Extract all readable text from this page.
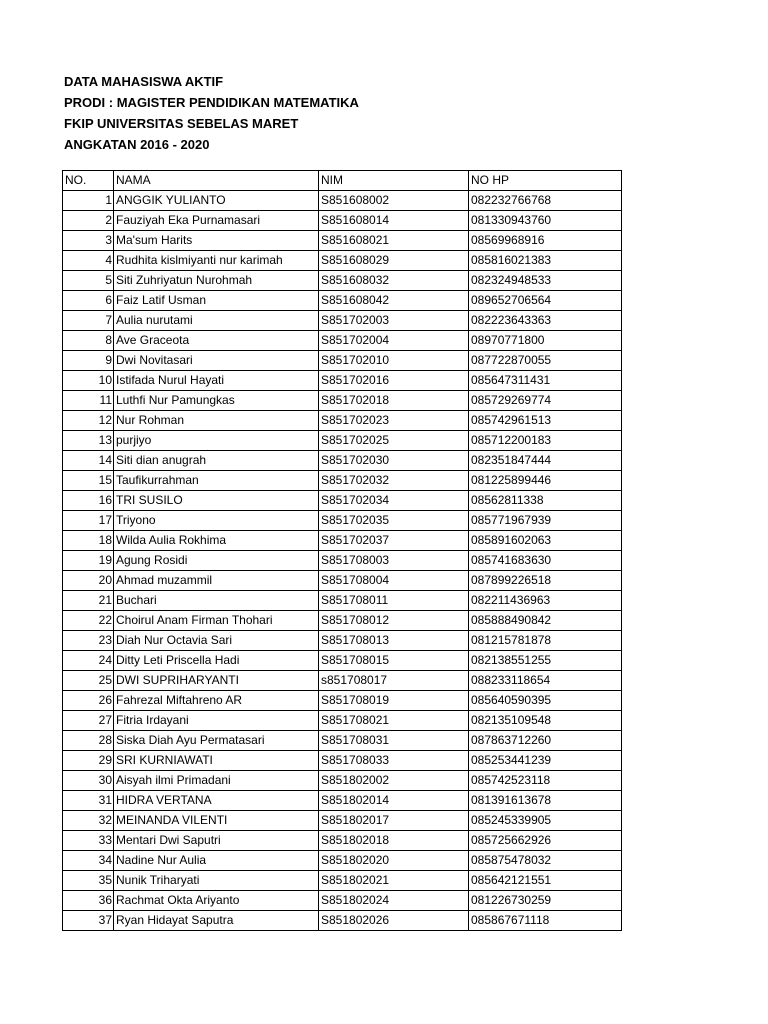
DATA MAHASISWA AKTIF
PRODI : MAGISTER PENDIDIKAN MATEMATIKA
FKIP UNIVERSITAS SEBELAS MARET
ANGKATAN 2016 - 2020
NO.	NAMA	NIM	NO HP
1	ANGGIK YULIANTO	S851608002	082232766768
2	Fauziyah Eka Purnamasari	S851608014	081330943760
3	Ma'sum Harits	S851608021	08569968916
4	Rudhita kislmiyanti nur karimah	S851608029	085816021383
5	Siti Zuhriyatun Nurohmah	S851608032	082324948533
6	Faiz Latif Usman	S851608042	089652706564
7	Aulia nurutami	S851702003	082223643363
8	Ave Graceota	S851702004	08970771800
9	Dwi Novitasari	S851702010	087722870055
10	Istifada Nurul Hayati	S851702016	085647311431
11	Luthfi Nur Pamungkas	S851702018	085729269774
12	Nur Rohman	S851702023	085742961513
13	purjiyo	S851702025	085712200183
14	Siti dian anugrah	S851702030	082351847444
15	Taufikurrahman	S851702032	081225899446
16	TRI SUSILO	S851702034	08562811338
17	Triyono	S851702035	085771967939
18	Wilda Aulia Rokhima	S851702037	085891602063
19	Agung Rosidi	S851708003	085741683630
20	Ahmad muzammil	S851708004	087899226518
21	Buchari	S851708011	082211436963
22	Choirul Anam Firman Thohari	S851708012	085888490842
23	Diah Nur Octavia Sari	S851708013	081215781878
24	Ditty Leti Priscella Hadi	S851708015	082138551255
25	DWI SUPRIHARYANTI	s851708017	088233118654
26	Fahrezal Miftahreno AR	S851708019	085640590395
27	Fitria Irdayani	S851708021	082135109548
28	Siska Diah Ayu Permatasari	S851708031	087863712260
29	SRI KURNIAWATI	S851708033	085253441239
30	Aisyah ilmi Primadani	S851802002	085742523118
31	HIDRA VERTANA	S851802014	081391613678
32	MEINANDA VILENTI	S851802017	085245339905
33	Mentari Dwi Saputri	S851802018	085725662926
34	Nadine Nur Aulia	S851802020	085875478032
35	Nunik Triharyati	S851802021	085642121551
36	Rachmat Okta Ariyanto	S851802024	081226730259
37	Ryan Hidayat Saputra	S851802026	085867671118
